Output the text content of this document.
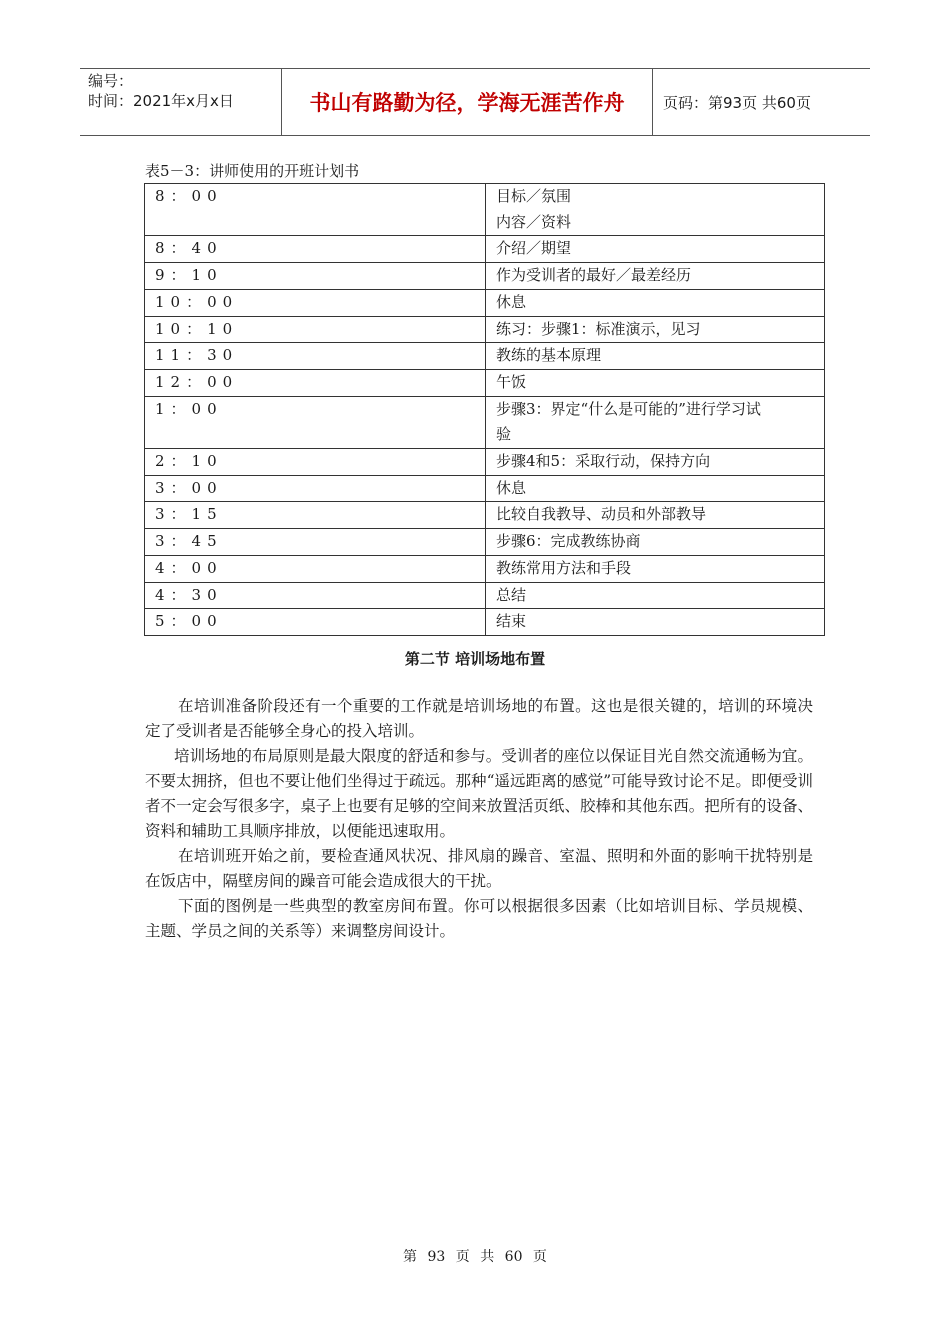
编号：
时间：2021年x月x日	书山有路勤为径，学海无涯苦作舟	页码：第93页 共60页
表5－3：讲师使用的开班计划书
8：00	目标／氛围
内容／资料

8：40	介绍／期望

9：10	作为受训者的最好／最差经历

10：00	休息

10：10	练习：步骤1：标准演示，见习

11：30	教练的基本原理

12：00	午饭

1：00	步骤3：界定“什么是可能的”进行学习试
验

2：10	步骤4和5：采取行动，保持方向

3：00	休息

3：15	比较自我教导、动员和外部教导

3：45	步骤6：完成教练协商

4：00	教练常用方法和手段

4：30	总结

5：00	结束
第二节 培训场地布置

在培训准备阶段还有一个重要的工作就是培训场地的布置。这也是很关键的，培训的环境决定了受训者是否能够全身心的投入培训。

培训场地的布局原则是最大限度的舒适和参与。受训者的座位以保证目光自然交流通畅为宜。不要太拥挤，但也不要让他们坐得过于疏远。那种“遥远距离的感觉”可能导致讨论不足。即便受训者不一定会写很多字，桌子上也要有足够的空间来放置活页纸、胶棒和其他东西。把所有的设备、资料和辅助工具顺序排放，以便能迅速取用。

在培训班开始之前，要检查通风状况、排风扇的躁音、室温、照明和外面的影响干扰特别是在饭店中，隔壁房间的躁音可能会造成很大的干扰。

下面的图例是一些典型的教室房间布置。你可以根据很多因素（比如培训目标、学员规模、主题、学员之间的关系等）来调整房间设计。

第 93 页 共 60 页
